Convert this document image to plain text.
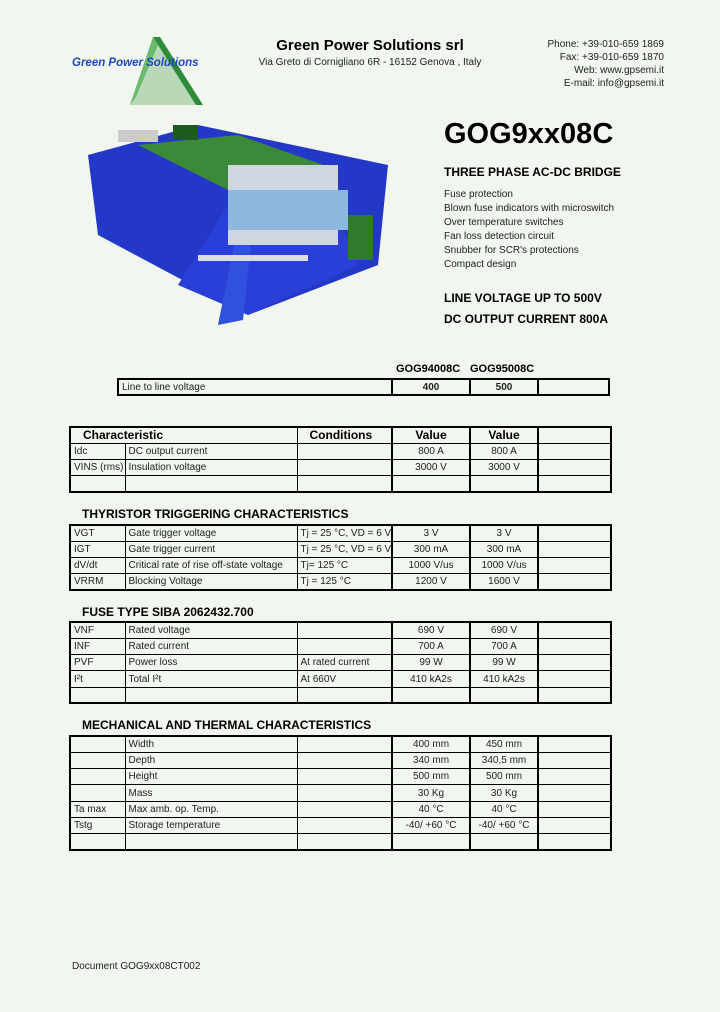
Green Power Solutions
Green Power Solutions srl
Via Greto di Cornigliano 6R - 16152 Genova , Italy
Phone: +39-010-659 1869
Fax: +39-010-659 1870
Web: www.gpsemi.it
E-mail: info@gpsemi.it
GOG9xx08C
THREE PHASE AC-DC BRIDGE
Fuse protection
Blown fuse indicators with microswitch
Over temperature switches
Fan loss detection circuit
Snubber for SCR's protections
Compact design
LINE VOLTAGE UP TO 500V
DC OUTPUT CURRENT 800A
GOG94008C GOG95008C
Line to line voltage	400	500	
Characteristic		Conditions	Value	Value	
Idc	DC output current		800 A	800 A	
VINS (rms)	Insulation voltage		3000 V	3000 V	

THYRISTOR TRIGGERING CHARACTERISTICS
VGT	Gate trigger voltage	Tj = 25 °C, VD = 6 V	3 V	3 V	
IGT	Gate trigger current	Tj = 25 °C, VD = 6 V	300 mA	300 mA	
dV/dt	Critical rate of rise off-state voltage	Tj= 125 °C	1000 V/us	1000 V/us	
VRRM	Blocking Voltage	Tj = 125 °C	1200 V	1600 V	
FUSE TYPE SIBA 2062432.700
VNF	Rated voltage		690 V	690 V	
INF	Rated current		700 A	700 A	
PVF	Power loss	At rated current	99 W	99 W	
I²t	Total I²t	At 660V	410 kA2s	410 kA2s	

MECHANICAL AND THERMAL CHARACTERISTICS
	Width		400 mm	450 mm	
	Depth		340 mm	340,5 mm	
	Height		500 mm	500 mm	
	Mass		30 Kg	30 Kg	
Ta max	Max amb. op. Temp.		40 °C	40 °C	
Tstg	Storage temperature		-40/ +60 °C	-40/ +60 °C	

Document GOG9xx08CT002
